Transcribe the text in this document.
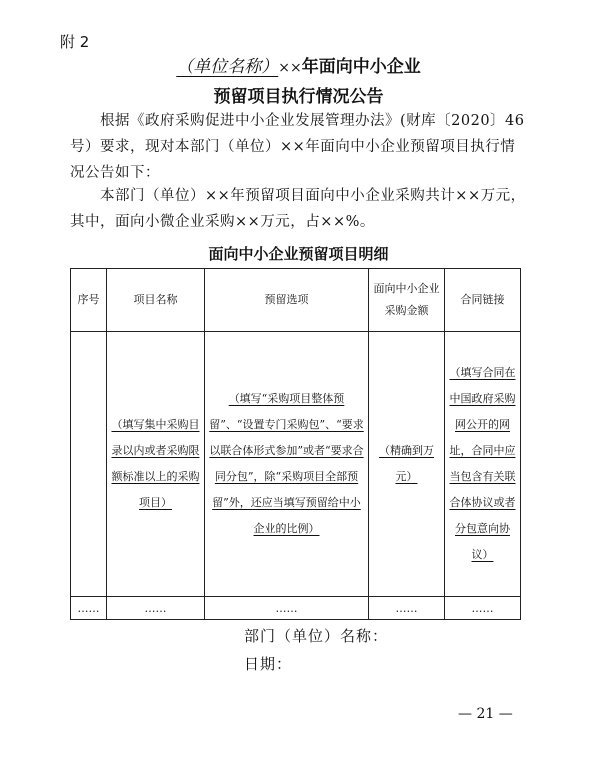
附 2
（单位名称）××年面向中小企业
预留项目执行情况公告
根据《政府采购促进中小企业发展管理办法》(财库〔2020〕46 号）要求，现对本部门（单位）××年面向中小企业预留项目执行情况公告如下：
本部门（单位）××年预留项目面向中小企业采购共计××万元，其中，面向小微企业采购××万元，占××%。
面向中小企业预留项目明细
序号	项目名称	预留选项	面向中小企业采购金额	合同链接
	（填写集中采购目录以内或者采购限额标准以上的采购项目）	（填写“采购项目整体预留”、“设置专门采购包”、“要求以联合体形式参加”或者“要求合同分包”，除“采购项目全部预留”外，还应当填写预留给中小企业的比例）	（精确到万元）	（填写合同在中国政府采购网公开的网址，合同中应当包含有关联合体协议或者分包意向协议）
……	……	……	……	……
部门（单位）名称：
日期：
— 21 —
